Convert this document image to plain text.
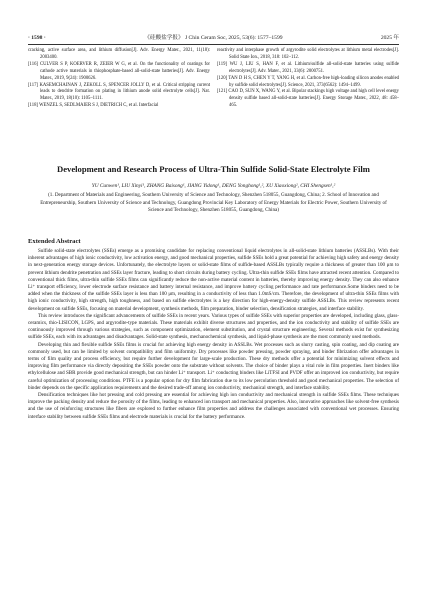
· 1598 ·	《硅酸盐学报》 J Chin Ceram Soc, 2025, 53(6): 1577–1599	2025 年
cracking, active surface area, and lithium diffusion[J]. Adv. Energy Mater., 2021, 11(18): 2003400.
[116] CULVER S P, KOERVER R, ZEIER W G, et al. On the functionality of coatings for cathode active materials in thiophosphate-based all-solid-state batteries[J]. Adv. Energy Mater., 2019, 9(24): 1900626.
[117] KASEMCHAINAN J, ZEKOLL S, SPENCER JOLLY D, et al. Critical stripping current leads to dendrite formation on plating in lithium anode solid electrolyte cells[J]. Nat. Mater., 2019, 18(10): 1105–1111.
[118] WENZEL S, SEDLMAIER S J, DIETRICH C, et al. Interfacial
reactivity and interphase growth of argyrodite solid electrolytes at lithium metal electrodes[J]. Solid State Ion., 2018, 318: 102–112.
[119] WU J, LIU S, HAN F, et al. Lithium/sulfide all-solid-state batteries using sulfide electrolytes[J]. Adv. Mater., 2021, 33(6): 2000751.
[120] TAN D H S, CHEN Y T, YANG H, et al. Carbon-free high-loading silicon anodes enabled by sulfide solid electrolytes[J]. Science, 2021, 373(6562): 1494–1499.
[121] CAO D, SUN X, WANG Y, et al. Bipolar stackings high voltage and high cell level energy density sulfide based all-solid-state batteries[J]. Energy Storage Mater., 2022, 48: 458–465.
Development and Research Process of Ultra-Thin Sulfide Solid-State Electrolyte Film
YU Cunwen¹, LIU Xinyi¹, ZHANG Baisong¹, JIANG Yidong¹, DENG Yonghong¹,², XU Xiaoxiong², CHI Shengsen¹,²
(1. Department of Materials and Engineering, Southern University of Science and Technology, Shenzhen 518055, Guangdong, China; 2. School of Innovation and Entrepreneurship, Southern University of Science and Technology, Guangdong Provincial Key Laboratory of Energy Materials for Electric Power, Southern University of Science and Technology, Shenzhen 518055, Guangdong, China)
Extended Abstract

Sulfide solid-state electrolytes (SSEs) emerge as a promising candidate for replacing conventional liquid electrolytes in all-solid-state lithium batteries (ASSLBs). With their inherent advantages of high ionic conductivity, low activation energy, and good mechanical properties, sulfide SSEs hold a great potential for achieving high safety and energy density in next-generation energy storage devices. Unfortunately, the electrolyte layers or solid-state films of sulfide-based ASSLBs typically require a thickness of greater than 100 μm to prevent lithium dendrite penetration and SSEs layer fracture, leading to short circuits during battery cycling. Ultra-thin sulfide SSEs films have attracted recent attention. Compared to conventional thick films, ultra-thin sulfide SSEs films can significantly reduce the non-active material content in batteries, thereby improving energy density. They can also enhance Li⁺ transport efficiency, lower electrode surface resistance and battery internal resistance, and improve battery cycling performance and rate performance.Some binders need to be added when the thickness of the sulfide SSEs layer is less than 100 μm, resulting in a conductivity of less than 1.0mS/cm. Therefore, the development of ultra-thin SSEs films with high ionic conductivity, high strength, high toughness, and based on sulfide electrolytes is a key direction for high-energy-density sulfide ASSLBs. This review represents recent development on sulfide SSEs, focusing on material development, synthesis methods, film preparation, binder selection, densification strategies, and interface stability.

This review introduces the significant advancements of sulfide SSEs in recent years. Various types of sulfide SSEs with superior properties are developed, including glass, glass-ceramics, thio-LISICON, LGPS, and argyrodite-type materials. These materials exhibit diverse structures and properties, and the ion conductivity and stability of sulfide SSEs are continuously improved through various strategies, such as component optimization, element substitution, and crystal structure engineering. Several methods exist for synthesizing sulfide SSEs, each with its advantages and disadvantages. Solid-state synthesis, mechanochemical synthesis, and liquid-phase synthesis are the most commonly used methods.

Developing thin and flexible sulfide SSEs films is crucial for achieving high energy density in ASSLBs. Wet processes such as slurry casting, spin coating, and dip coating are commonly used, but can be limited by solvent compatibility and film uniformity. Dry processes like powder pressing, powder spraying, and binder fibrization offer advantages in terms of film quality and process efficiency, but require further development for large-scale production. These dry methods offer a potential for minimizing solvent effects and improving film performance via directly depositing the SSEs powder onto the substrate without solvents. The choice of binder plays a vital role in film properties. Inert binders like ethylcellulose and SBR provide good mechanical strength, but can hinder Li⁺ transport. Li⁺ conducting binders like LiTFSI and PVDF offer an improved ion conductivity, but require careful optimization of processing conditions. PTFE is a popular option for dry film fabrication due to its low percolation threshold and good mechanical properties. The selection of binder depends on the specific application requirements and the desired trade-off among ion conductivity, mechanical strength, and interface stability.

Densification techniques like hot pressing and cold pressing are essential for achieving high ion conductivity and mechanical strength in sulfide SSEs films. These techniques improve the packing density and reduce the porosity of the films, leading to enhanced ion transport and mechanical properties. Also, innovative approaches like solvent-free synthesis and the use of reinforcing structures like fibers are explored to further enhance film properties and address the challenges associated with conventional wet processes. Ensuring interface stability between sulfide SSEs films and electrode materials is crucial for the battery performance.
